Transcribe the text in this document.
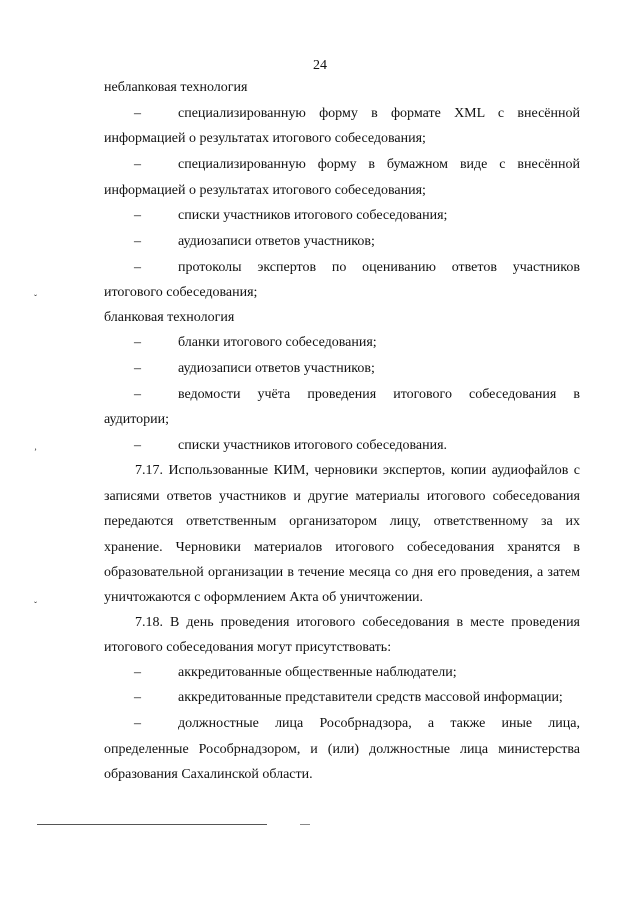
24
неблanковая технология
–	специализированную форму в формате XML с внесённой
информацией о результатах итогового собеседования;
–	специализированную форму в бумажном виде с внесённой
информацией о результатах итогового собеседования;
–	списки участников итогового собеседования;
–	аудиозаписи ответов участников;
–	протоколы экспертов по оцениванию ответов участников
итогового собеседования;
бланковая технология
–	бланки итогового собеседования;
–	аудиозаписи ответов участников;
–	ведомости учёта проведения итогового собеседования в
аудитории;
–	списки участников итогового собеседования.
7.17. Использованные КИМ, черновики экспертов, копии аудиофайлов с
записями ответов участников и другие материалы итогового собеседования
передаются ответственным организатором лицу, ответственному за их
хранение. Черновики материалов итогового собеседования хранятся в
образовательной организации в течение месяца со дня его проведения, а затем
уничтожаются с оформлением Акта об уничтожении.
7.18. В день проведения итогового собеседования в месте проведения
итогового собеседования могут присутствовать:
–	аккредитованные общественные наблюдатели;
–	аккредитованные представители средств массовой информации;
–	должностные лица Рособрнадзора, а также иные лица,
определенные Рособрнадзором, и (или) должностные лица министерства
образования Сахалинской области.
ˇ
ʼ
ˇ
